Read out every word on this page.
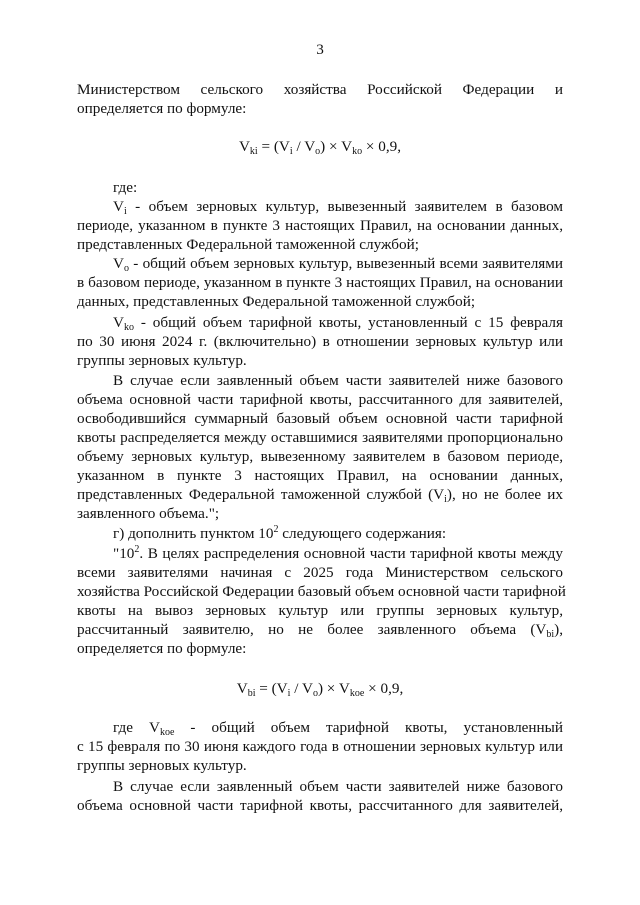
3
Министерством сельского хозяйства Российской Федерации и
определяется по формуле:
$V_{ki} = (V_i / V_o) \times V_{ko} \times 0,9$,
где:
$V_i$ - объем зерновых культур, вывезенный заявителем в базовом
периоде, указанном в пункте 3 настоящих Правил, на основании данных,
представленных Федеральной таможенной службой;
$V_o$ - общий объем зерновых культур, вывезенный всеми заявителями
в базовом периоде, указанном в пункте 3 настоящих Правил, на основании
данных, представленных Федеральной таможенной службой;
$V_{ko}$ - общий объем тарифной квоты, установленный с 15 февраля
по 30 июня 2024 г. (включительно) в отношении зерновых культур или
группы зерновых культур.
В случае если заявленный объем части заявителей ниже базового
объема основной части тарифной квоты, рассчитанного для заявителей,
освободившийся суммарный базовый объем основной части тарифной
квоты распределяется между оставшимися заявителями пропорционально
объему зерновых культур, вывезенному заявителем в базовом периоде,
указанном в пункте 3 настоящих Правил, на основании данных,
представленных Федеральной таможенной службой $(V_i)$, но не более их
заявленного объема.";
г) дополнить пунктом $10^2$ следующего содержания:
"$10^2$. В целях распределения основной части тарифной квоты между
всеми заявителями начиная с 2025 года Министерством сельского
хозяйства Российской Федерации базовый объем основной части тарифной
квоты на вывоз зерновых культур или группы зерновых культур,
рассчитанный заявителю, но не более заявленного объема $(V_{bi})$,
определяется по формуле:
$V_{bi} = (V_i / V_o) \times V_{koe} \times 0,9$,
где $V_{koe}$ - общий объем тарифной квоты, установленный
с 15 февраля по 30 июня каждого года в отношении зерновых культур или
группы зерновых культур.
В случае если заявленный объем части заявителей ниже базового
объема основной части тарифной квоты, рассчитанного для заявителей,
